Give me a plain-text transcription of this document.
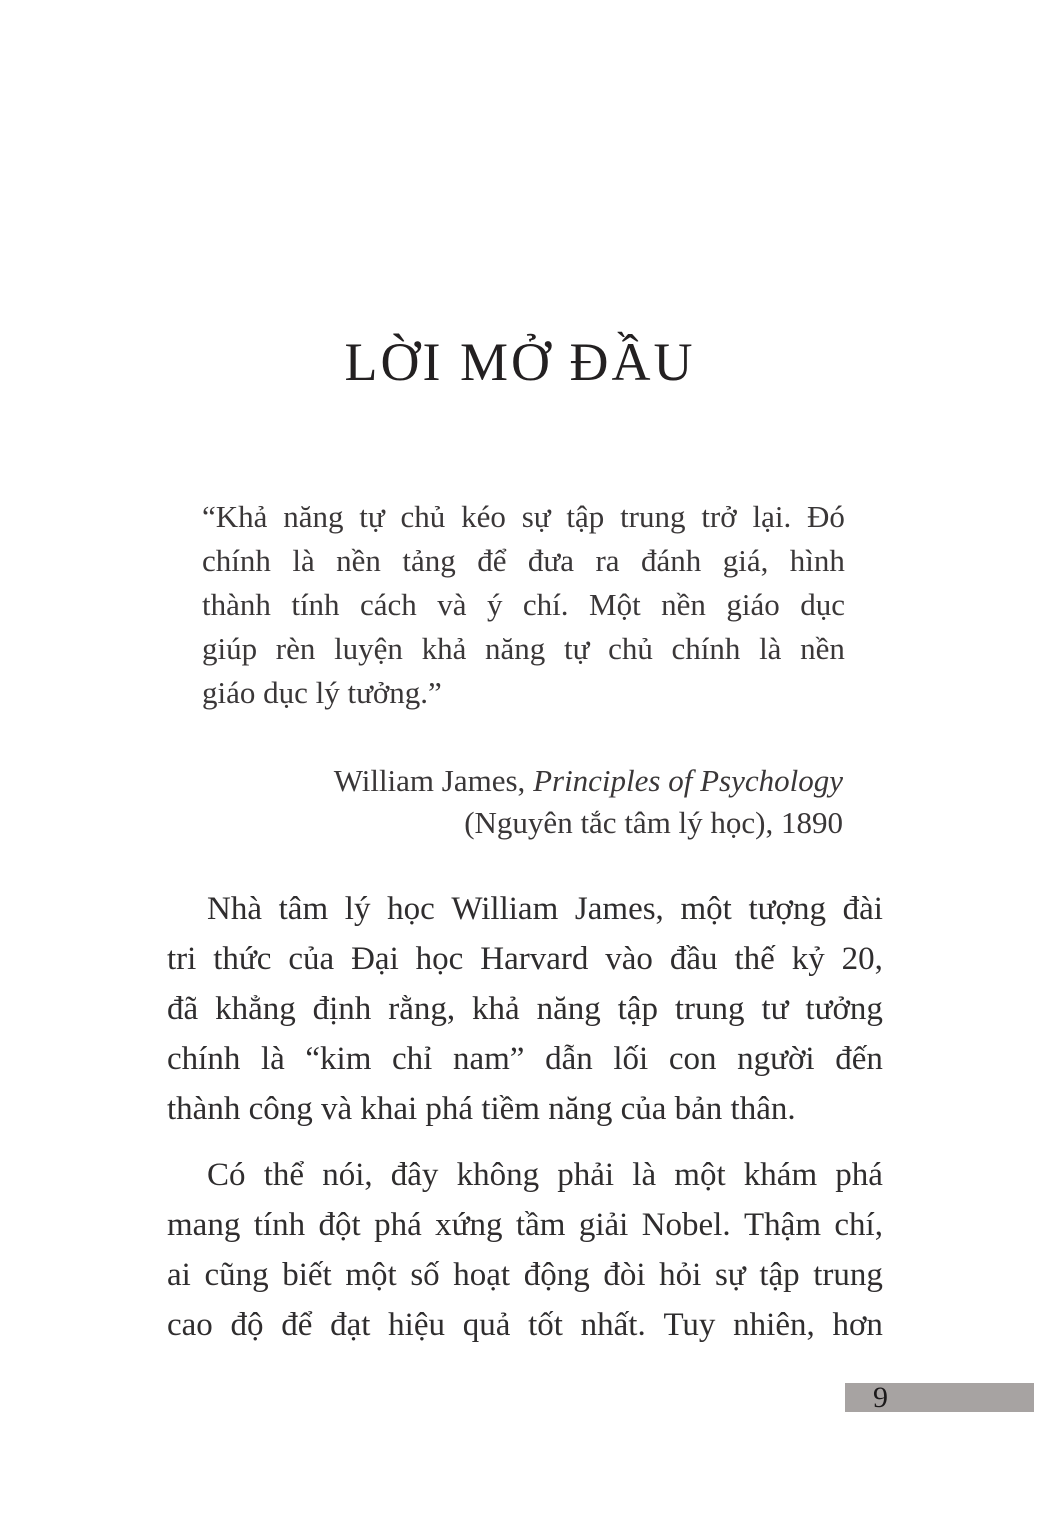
LỜI MỞ ĐẦU
“Khả năng tự chủ kéo sự tập trung trở lại. Đó
chính là nền tảng để đưa ra đánh giá, hình
thành tính cách và ý chí. Một nền giáo dục
giúp rèn luyện khả năng tự chủ chính là nền
giáo dục lý tưởng.”
William James, Principles of Psychology
(Nguyên tắc tâm lý học), 1890
Nhà tâm lý học William James, một tượng đài
tri thức của Đại học Harvard vào đầu thế kỷ 20,
đã khẳng định rằng, khả năng tập trung tư tưởng
chính là “kim chỉ nam” dẫn lối con người đến
thành công và khai phá tiềm năng của bản thân.
Có thể nói, đây không phải là một khám phá
mang tính đột phá xứng tầm giải Nobel. Thậm chí,
ai cũng biết một số hoạt động đòi hỏi sự tập trung
cao độ để đạt hiệu quả tốt nhất. Tuy nhiên, hơn
9
